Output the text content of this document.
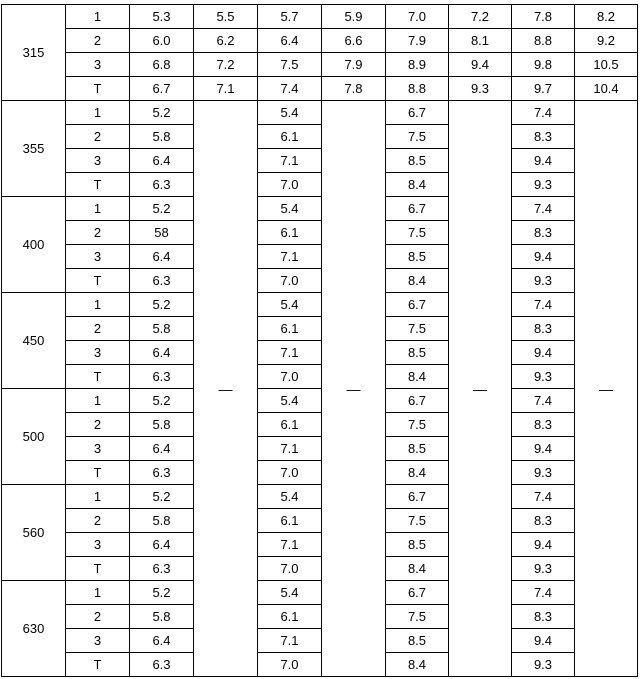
315	1	5.3	5.5	5.7	5.9	7.0	7.2	7.8	8.2
	2	6.0	6.2	6.4	6.6	7.9	8.1	8.8	9.2
	3	6.8	7.2	7.5	7.9	8.9	9.4	9.8	10.5
	T	6.7	7.1	7.4	7.8	8.8	9.3	9.7	10.4
355	1	5.2	—	5.4	—	6.7	—	7.4	—
	2	5.8		6.1		7.5		8.3	
	3	6.4		7.1		8.5		9.4	
	T	6.3		7.0		8.4		9.3	
400	1	5.2		5.4		6.7		7.4	
	2	58		6.1		7.5		8.3	
	3	6.4		7.1		8.5		9.4	
	T	6.3		7.0		8.4		9.3	
450	1	5.2		5.4		6.7		7.4	
	2	5.8		6.1		7.5		8.3	
	3	6.4		7.1		8.5		9.4	
	T	6.3		7.0		8.4		9.3	
500	1	5.2		5.4		6.7		7.4	
	2	5.8		6.1		7.5		8.3	
	3	6.4		7.1		8.5		9.4	
	T	6.3		7.0		8.4		9.3	
560	1	5.2		5.4		6.7		7.4	
	2	5.8		6.1		7.5		8.3	
	3	6.4		7.1		8.5		9.4	
	T	6.3		7.0		8.4		9.3	
630	1	5.2		5.4		6.7		7.4	
	2	5.8		6.1		7.5		8.3	
	3	6.4		7.1		8.5		9.4	
	T	6.3		7.0		8.4		9.3	
